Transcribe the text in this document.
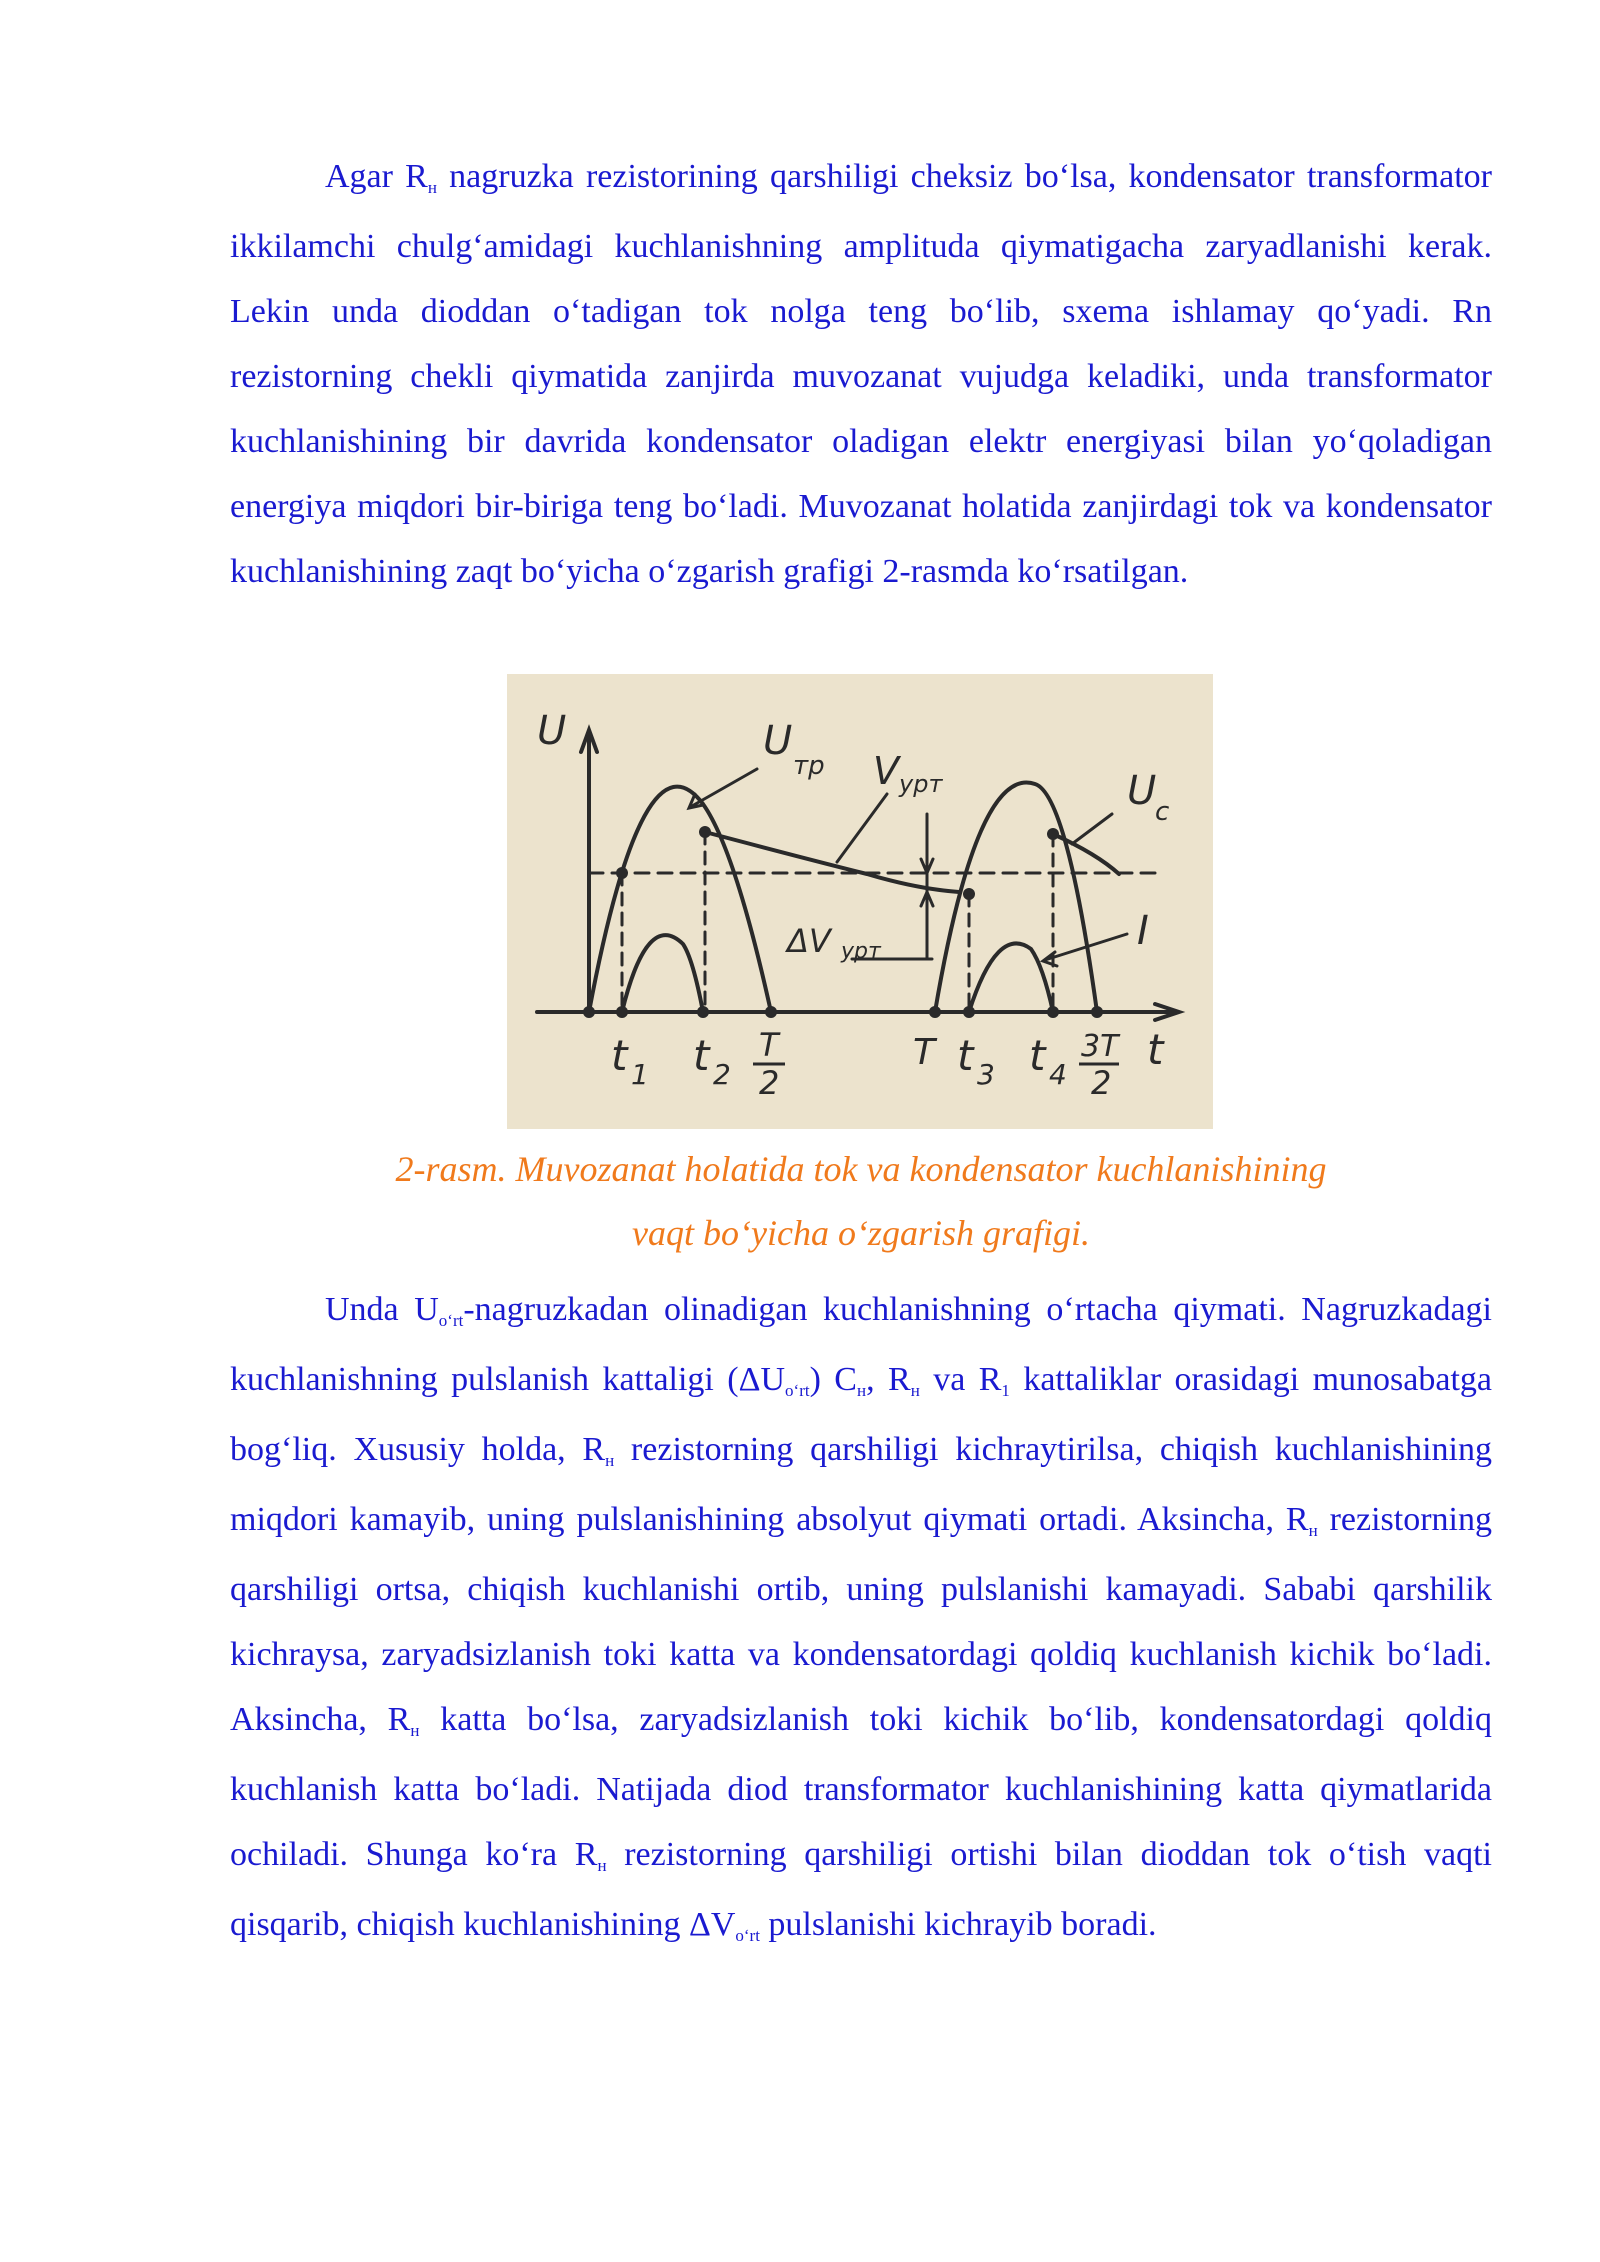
Agar Rн nagruzka rezistorining qarshiligi cheksiz bo‘lsa, kondensator transformator ikkilamchi chulg‘amidagi kuchlanishning amplituda qiymatigacha zaryadlanishi kerak. Lekin unda dioddan o‘tadigan tok nolga teng bo‘lib, sxema ishlamay qo‘yadi. Rn rezistorning chekli qiymatida zanjirda muvozanat vujudga keladiki, unda transformator kuchlanishining bir davrida kondensator oladigan elektr energiyasi bilan yo‘qoladigan energiya miqdori bir-biriga teng bo‘ladi. Muvozanat holatida zanjirdagi tok va kondensator kuchlanishining zaqt bo‘yicha o‘zgarish grafigi 2-rasmda ko‘rsatilgan.

U	U
тр V урт	U
c
ΔV урт	I
t 1 t 2
T
2
T t 3 t 4
3T
2
t

2-rasm. Muvozanat holatida tok va kondensator kuchlanishining

vaqt bo‘yicha o‘zgarish grafigi.

Unda Uo‘rt-nagruzkadan olinadigan kuchlanishning o‘rtacha qiymati. Nagruzkadagi kuchlanishning pulslanish kattaligi (ΔUo‘rt) Cн, Rн va R1 kattaliklar orasidagi munosabatga bog‘liq. Xususiy holda, Rн rezistorning qarshiligi kichraytirilsa, chiqish kuchlanishining miqdori kamayib, uning pulslanishining absolyut qiymati ortadi. Aksincha, Rн rezistorning qarshiligi ortsa, chiqish kuchlanishi ortib, uning pulslanishi kamayadi. Sababi qarshilik kichraysa, zaryadsizlanish toki katta va kondensatordagi qoldiq kuchlanish kichik bo‘ladi. Aksincha, Rн katta bo‘lsa, zaryadsizlanish toki kichik bo‘lib, kondensatordagi qoldiq kuchlanish katta bo‘ladi. Natijada diod transformator kuchlanishining katta qiymatlarida ochiladi. Shunga ko‘ra Rн rezistorning qarshiligi ortishi bilan dioddan tok o‘tish vaqti qisqarib, chiqish kuchlanishining ΔVo‘rt pulslanishi kichrayib boradi.
